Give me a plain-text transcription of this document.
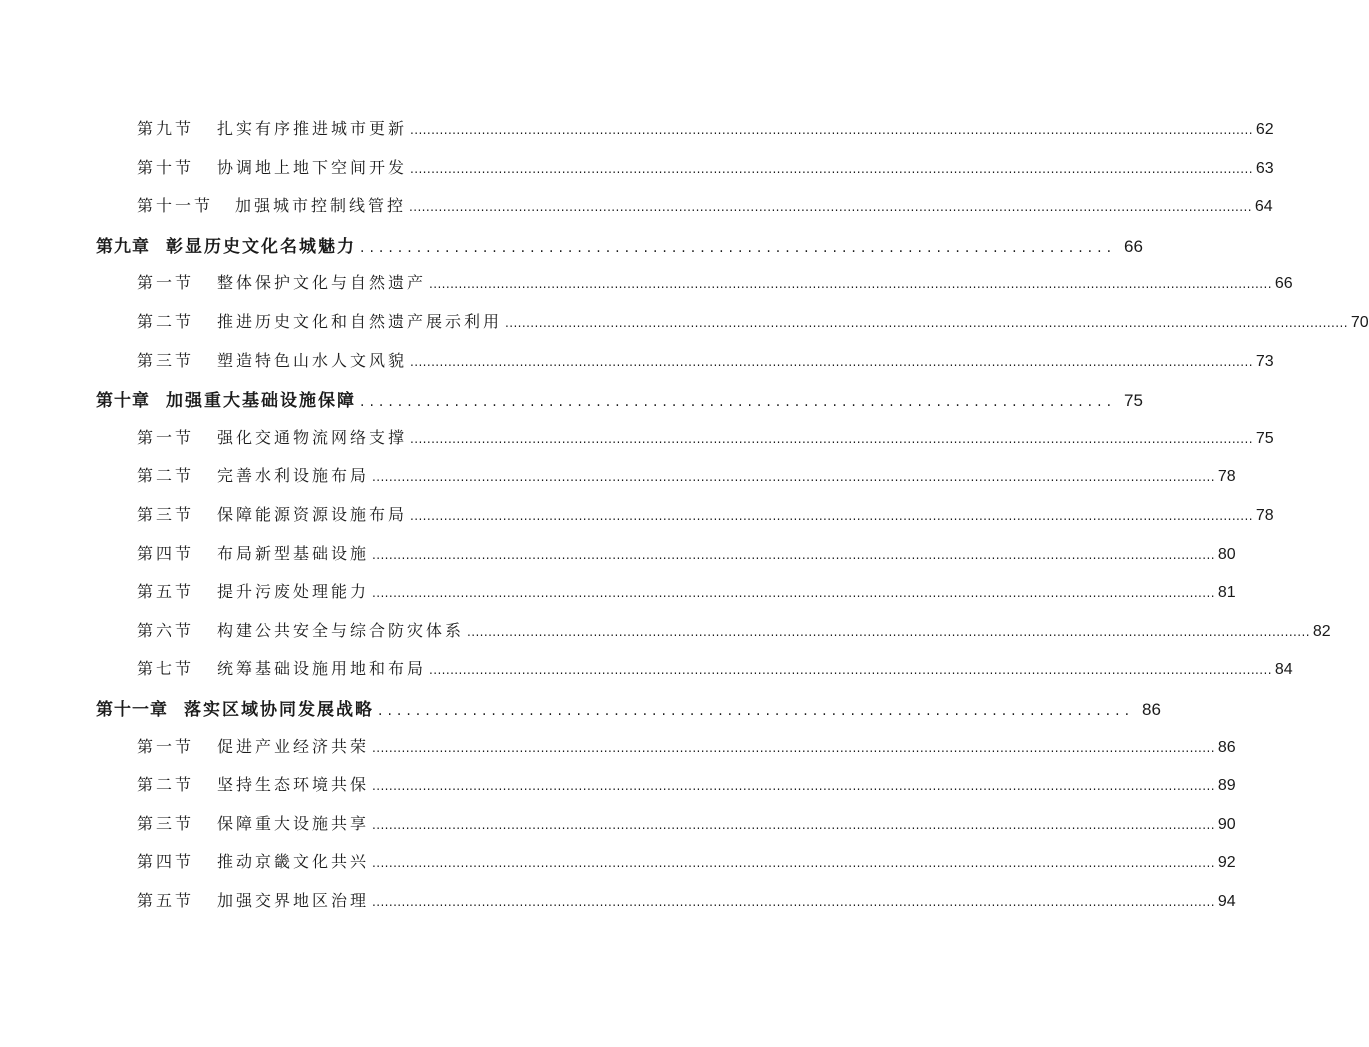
第九节	扎实有序推进城市更新 ........................................................................................................................................................................................................ 62
第十节	协调地上地下空间开发 ........................................................................................................................................................................................................ 63
第十一节	加强城市控制线管控 ........................................................................................................................................................................................................ 64
第九章 彰显历史文化名城魅力 ................................................................................ 66
第一节	整体保护文化与自然遗产 ........................................................................................................................................................................................................ 66
第二节	推进历史文化和自然遗产展示利用 ........................................................................................................................................................................................................ 70
第三节	塑造特色山水人文风貌 ........................................................................................................................................................................................................ 73
第十章 加强重大基础设施保障 ................................................................................ 75
第一节	强化交通物流网络支撑 ........................................................................................................................................................................................................ 75
第二节	完善水利设施布局 ........................................................................................................................................................................................................ 78
第三节	保障能源资源设施布局 ........................................................................................................................................................................................................ 78
第四节	布局新型基础设施 ........................................................................................................................................................................................................ 80
第五节	提升污废处理能力 ........................................................................................................................................................................................................ 81
第六节	构建公共安全与综合防灾体系 ........................................................................................................................................................................................................ 82
第七节	统筹基础设施用地和布局 ........................................................................................................................................................................................................ 84
第十一章 落实区域协同发展战略 ................................................................................ 86
第一节	促进产业经济共荣 ........................................................................................................................................................................................................ 86
第二节	坚持生态环境共保 ........................................................................................................................................................................................................ 89
第三节	保障重大设施共享 ........................................................................................................................................................................................................ 90
第四节	推动京畿文化共兴 ........................................................................................................................................................................................................ 92
第五节	加强交界地区治理 ........................................................................................................................................................................................................ 94
